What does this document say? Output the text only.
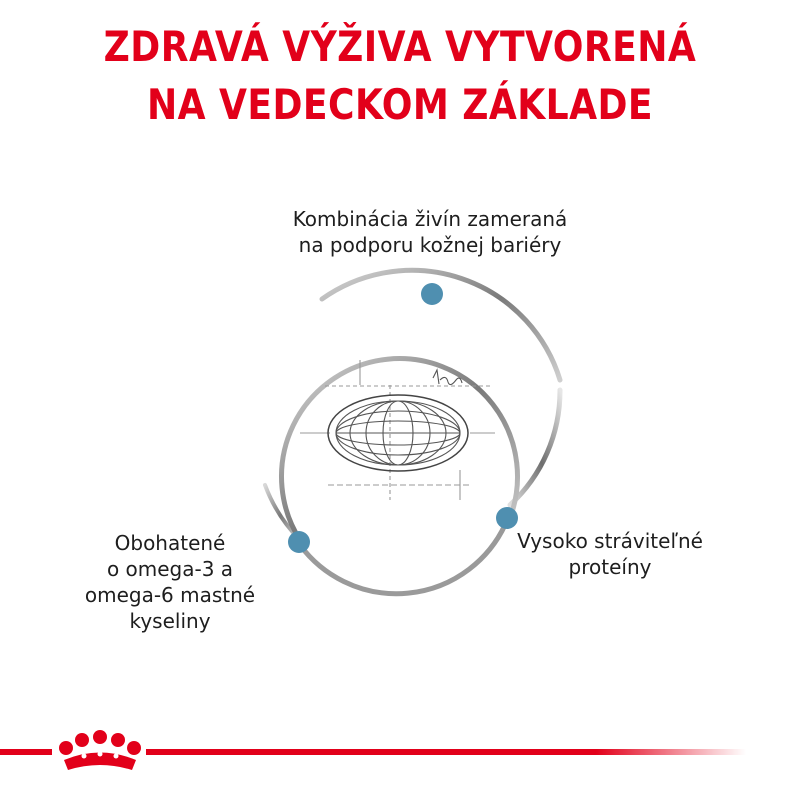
ZDRAVÁ VÝŽIVA VYTVORENÁ
NA VEDECKOM ZÁKLADE
Kombinácia živín zameraná
na podporu kožnej bariéry
Obohatené
o omega-3 a
omega-6 mastné
kyseliny
Vysoko stráviteľné
proteíny
